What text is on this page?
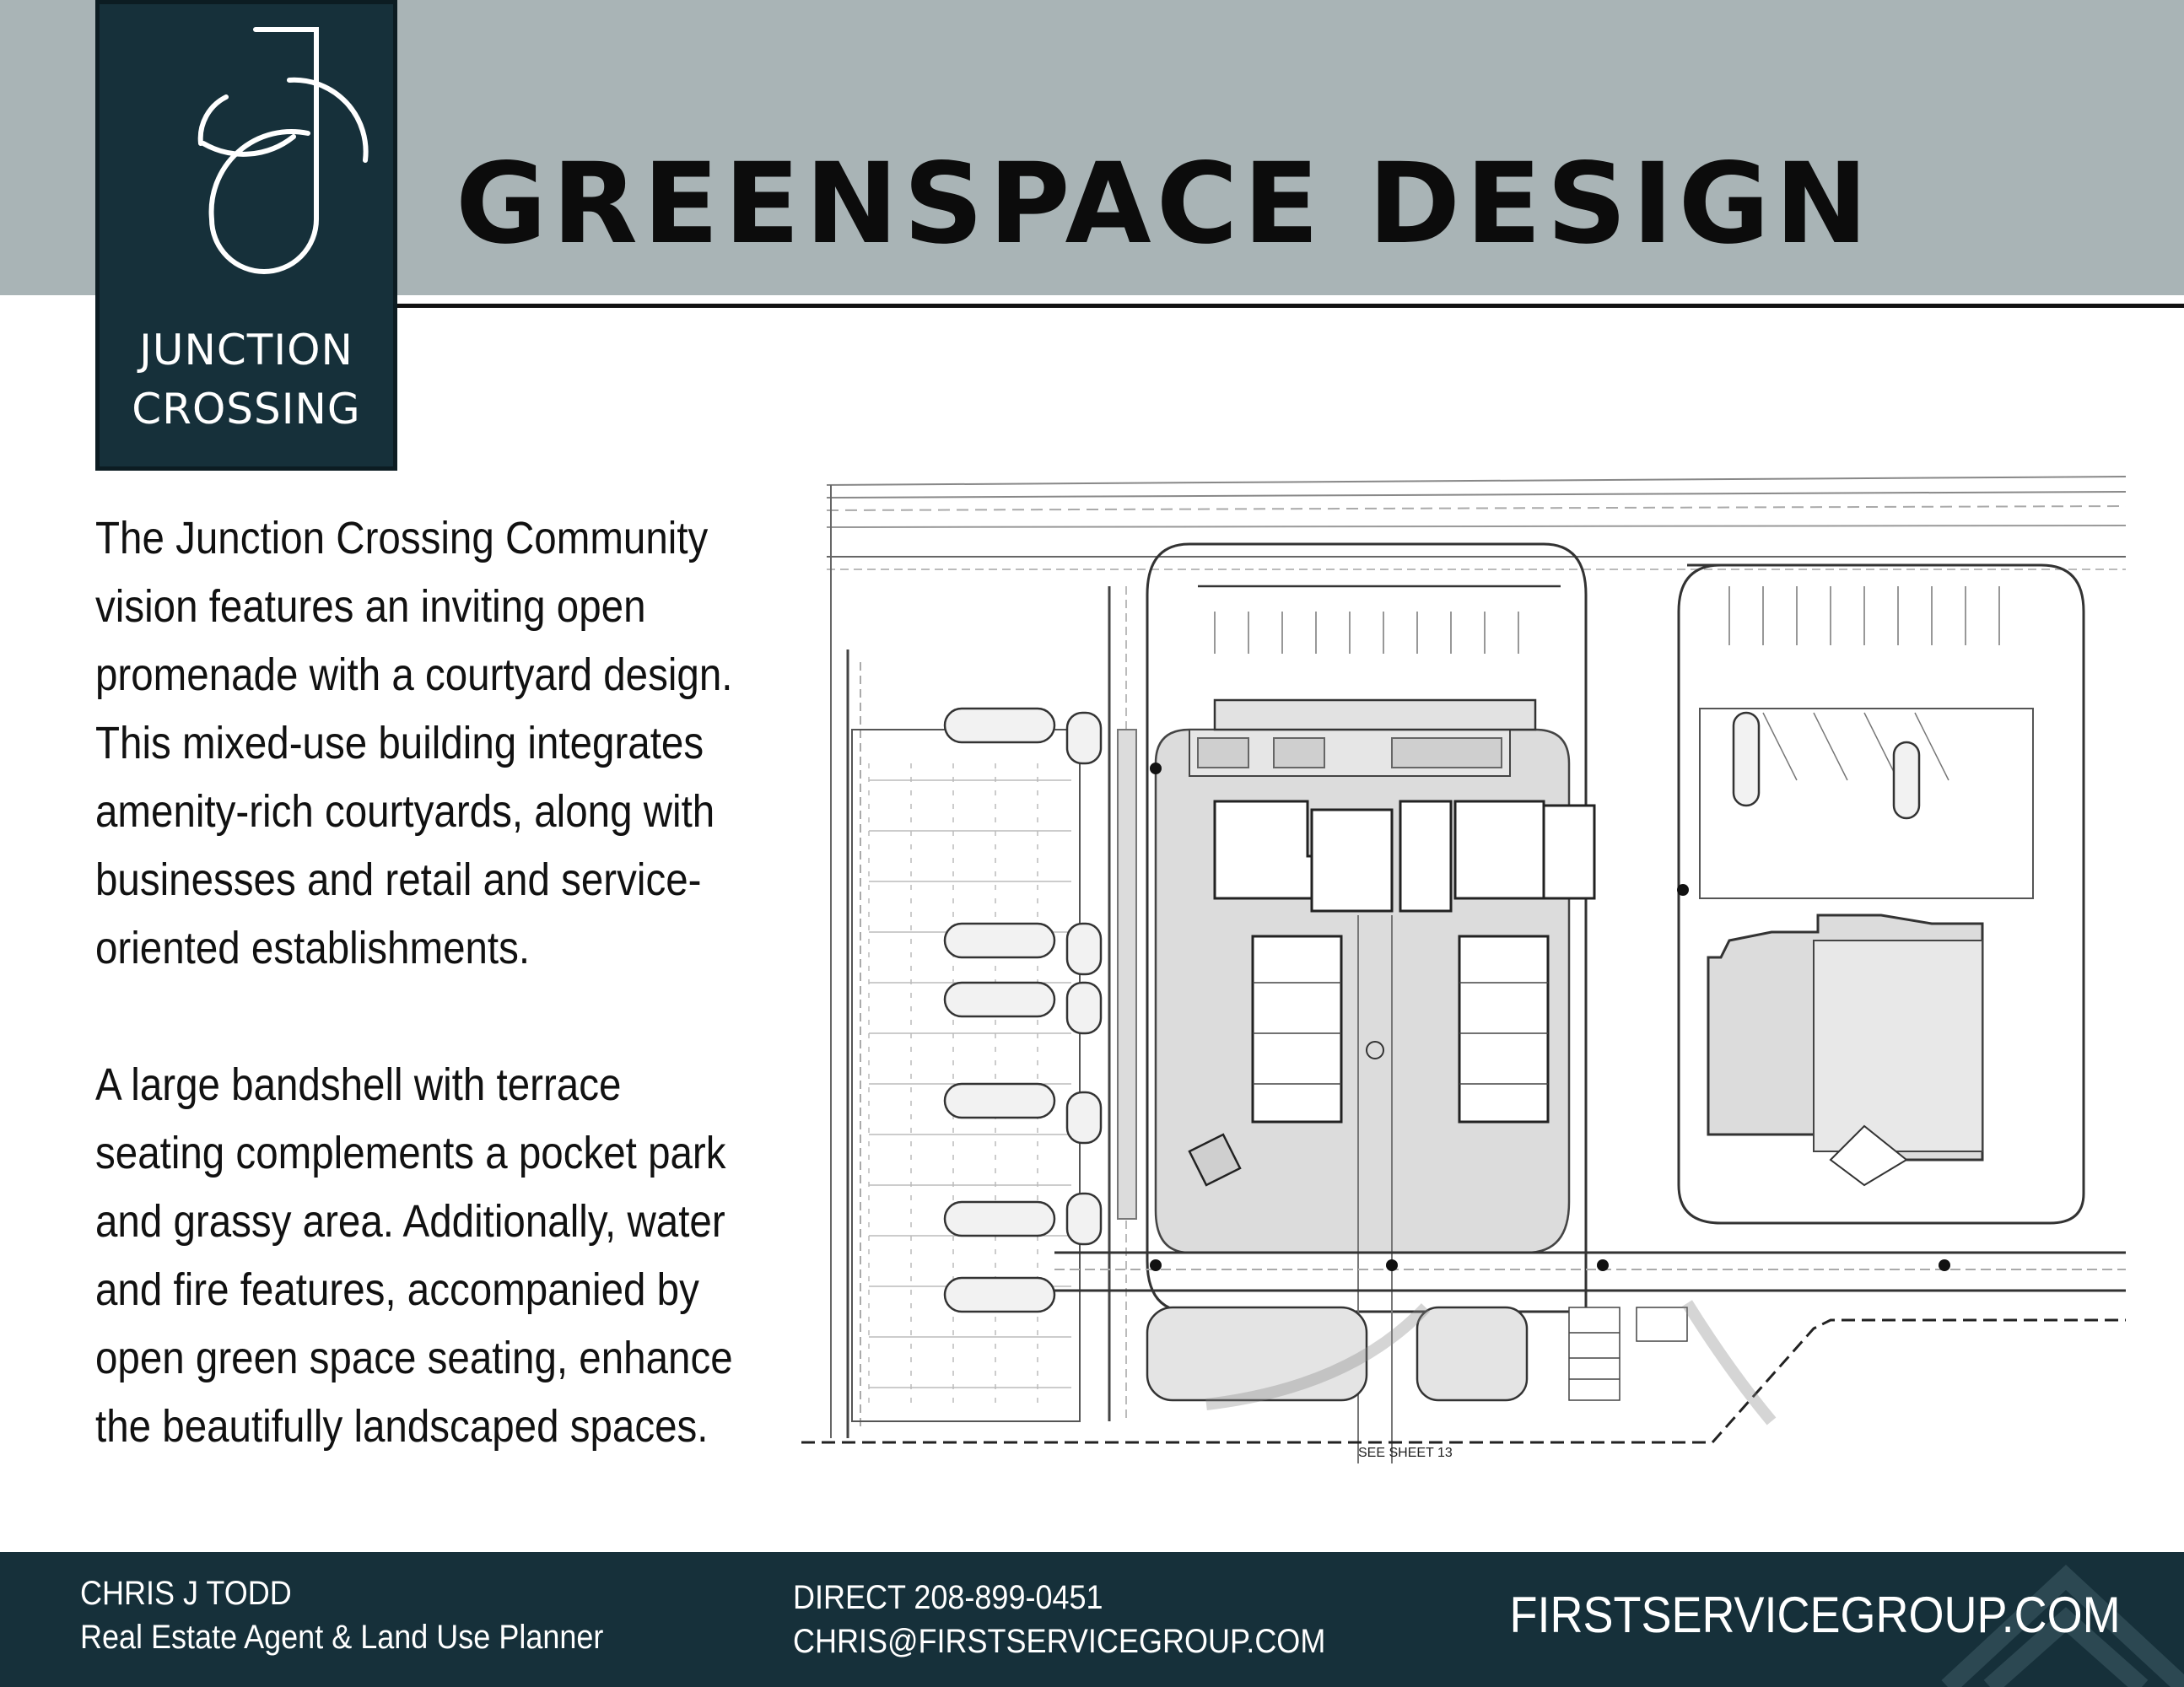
GREENSPACE DESIGN
JUNCTION
CROSSING
The Junction Crossing Community
vision features an inviting open
promenade with a courtyard design.
This mixed-use building integrates
amenity-rich courtyards, along with
businesses and retail and service-
oriented establishments.
A large bandshell with terrace
seating complements a pocket park
and grassy area. Additionally, water
and fire features, accompanied by
open green space seating, enhance
the beautifully landscaped spaces.
SEE SHEET 13
CHRIS J TODD
Real Estate Agent & Land Use Planner
DIRECT 208-899-0451
CHRIS@FIRSTSERVICEGROUP.COM	FIRSTSERVICEGROUP.COM
